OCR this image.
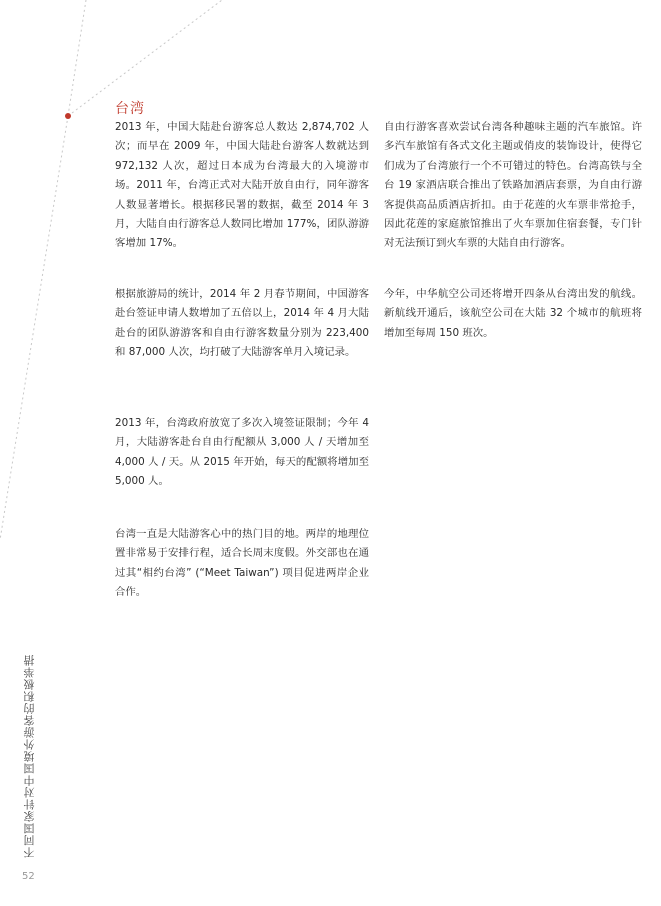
台湾

2013 年，中国大陆赴台游客总人数达 2,874,702 人次；而早在 2009 年，中国大陆赴台游客人数就达到 972,132 人次，超过日本成为台湾最大的入境游市场。2011 年，台湾正式对大陆开放自由行，同年游客人数显著增长。根据移民署的数据，截至 2014 年 3 月，大陆自由行游客总人数同比增加 177%，团队游游客增加 17%。

根据旅游局的统计，2014 年 2 月春节期间，中国游客赴台签证申请人数增加了五倍以上，2014 年 4 月大陆赴台的团队游游客和自由行游客数量分别为 223,400 和 87,000 人次，均打破了大陆游客单月入境记录。

2013 年，台湾政府放宽了多次入境签证限制；今年 4 月，大陆游客赴台自由行配额从 3,000 人 / 天增加至 4,000 人 / 天。从 2015 年开始，每天的配额将增加至 5,000 人。

台湾一直是大陆游客心中的热门目的地。两岸的地理位置非常易于安排行程，适合长周末度假。外交部也在通过其“相约台湾” (“Meet Taiwan”) 项目促进两岸企业合作。

自由行游客喜欢尝试台湾各种趣味主题的汽车旅馆。许多汽车旅馆有各式文化主题或俏皮的装饰设计，使得它们成为了台湾旅行一个不可错过的特色。台湾高铁与全台 19 家酒店联合推出了铁路加酒店套票，为自由行游客提供高品质酒店折扣。由于花莲的火车票非常抢手，因此花莲的家庭旅馆推出了火车票加住宿套餐，专门针对无法预订到火车票的大陆自由行游客。

今年，中华航空公司还将增开四条从台湾出发的航线。新航线开通后，该航空公司在大陆 32 个城市的航班将增加至每周 150 班次。

不同国家针对中国境外游客的积极举措
52
